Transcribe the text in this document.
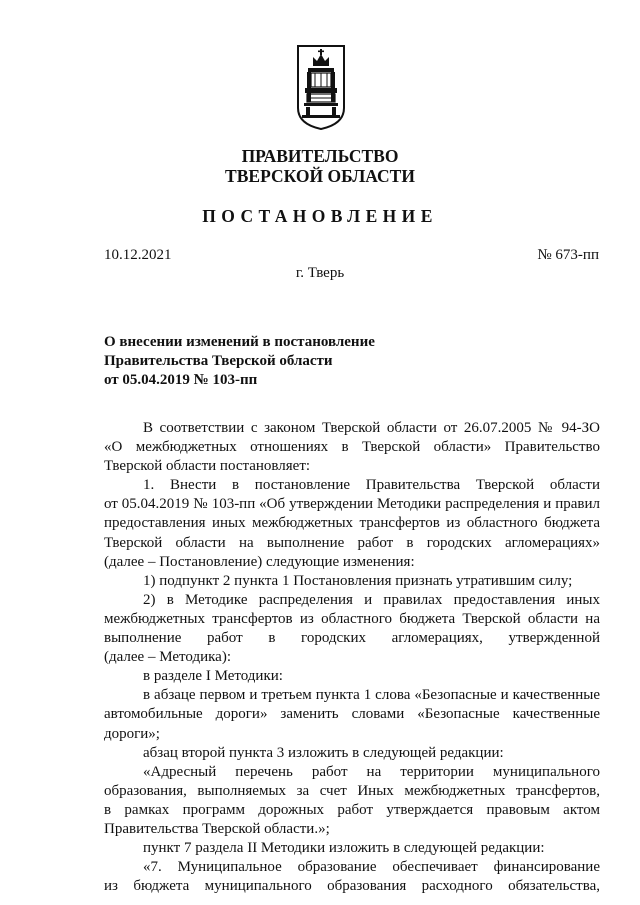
ПРАВИТЕЛЬСТВО
ТВЕРСКОЙ ОБЛАСТИ
ПОСТАНОВЛЕНИЕ
10.12.2021	№ 673-пп
г. Тверь
О внесении изменений в постановление
Правительства Тверской области
от 05.04.2019 № 103-пп
В соответствии с законом Тверской области от 26.07.2005 № 94-ЗО
«О межбюджетных отношениях в Тверской области» Правительство
Тверской области постановляет:
1. Внести в постановление Правительства Тверской области
от 05.04.2019 № 103-пп «Об утверждении Методики распределения и правил
предоставления иных межбюджетных трансфертов из областного бюджета
Тверской области на выполнение работ в городских агломерациях»
(далее – Постановление) следующие изменения:
1) подпункт 2 пункта 1 Постановления признать утратившим силу;
2) в Методике распределения и правилах предоставления иных
межбюджетных трансфертов из областного бюджета Тверской области на
выполнение работ в городских агломерациях, утвержденной
(далее – Методика):
в разделе I Методики:
в абзаце первом и третьем пункта 1 слова «Безопасные и качественные
автомобильные дороги» заменить словами «Безопасные качественные
дороги»;
абзац второй пункта 3 изложить в следующей редакции:
«Адресный перечень работ на территории муниципального
образования, выполняемых за счет Иных межбюджетных трансфертов,
в рамках программ дорожных работ утверждается правовым актом
Правительства Тверской области.»;
пункт 7 раздела II Методики изложить в следующей редакции:
«7. Муниципальное образование обеспечивает финансирование
из бюджета муниципального образования расходного обязательства,
